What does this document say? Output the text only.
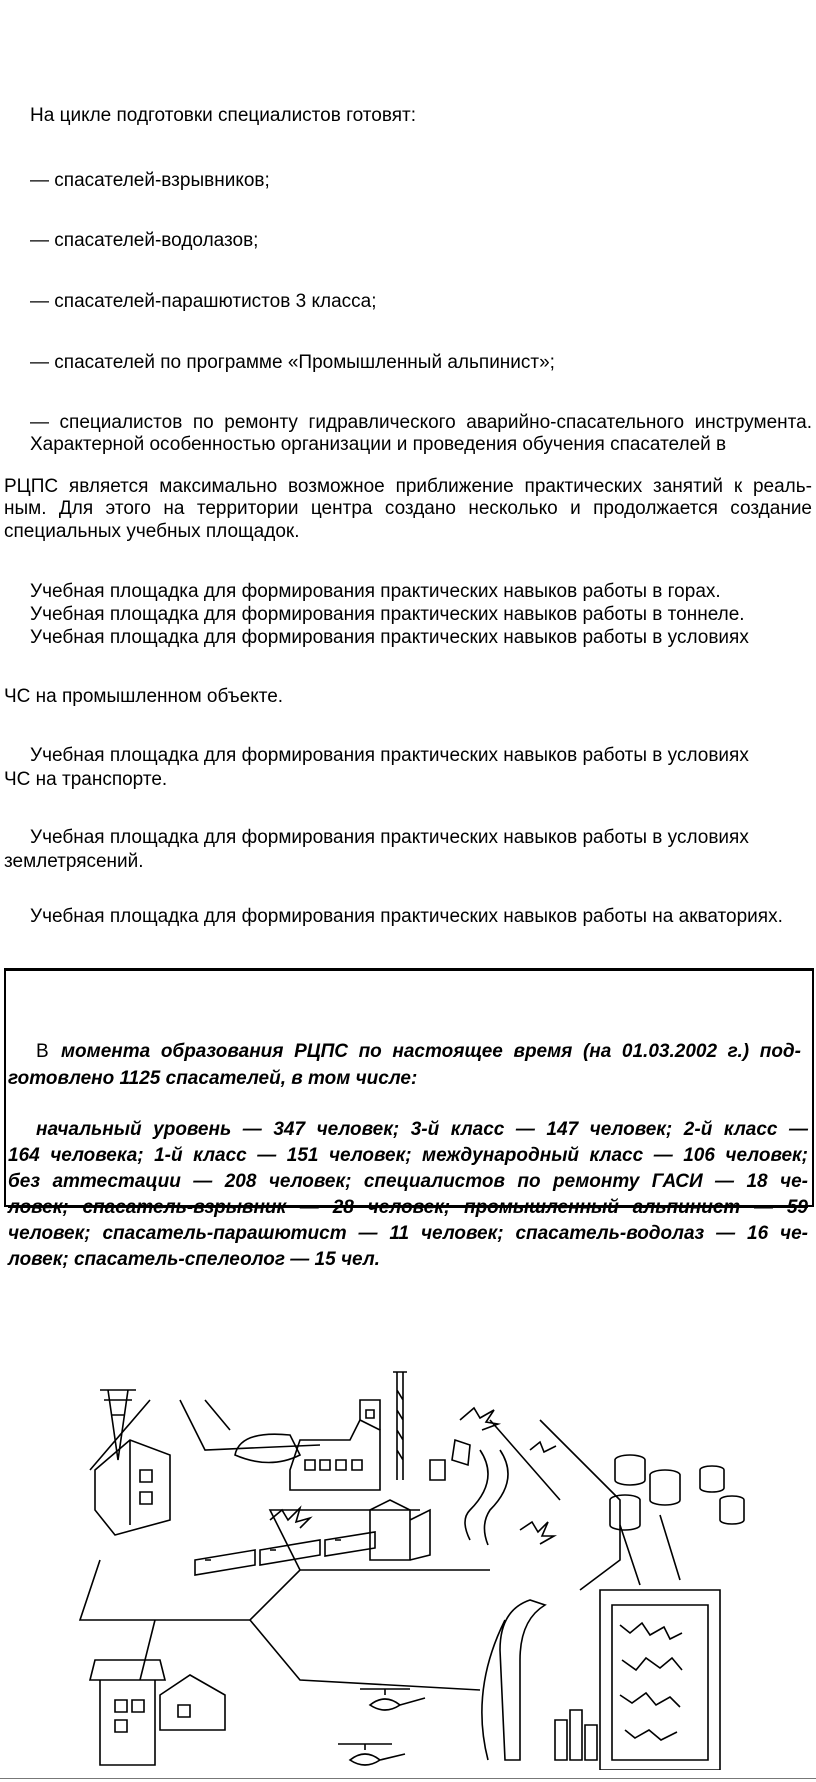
На цикле подготовки специалистов готовят:
— спасателей-взрывников;
— спасателей-водолазов;
— спасателей-парашютистов 3 класса;
— спасателей по программе «Промышленный альпинист»;
— специалистов по ремонту гидравлического аварийно-спасательного инструмента.
Характерной особенностью организации и проведения обучения спасателей в
РЦПС является максимально возможное приближение практических занятий к реаль-
ным. Для этого на территории центра создано несколько и продолжается создание
специальных учебных площадок.
Учебная площадка для формирования практических навыков работы в горах.
Учебная площадка для формирования практических навыков работы в тоннеле.
Учебная площадка для формирования практических навыков работы в условиях
ЧС на промышленном объекте.
Учебная площадка для формирования практических навыков работы в условиях
ЧС на транспорте.
Учебная площадка для формирования практических навыков работы в условиях
землетрясений.
Учебная площадка для формирования практических навыков работы на акваториях.
В момента образования РЦПС по настоящее время (на 01.03.2002 г.) под-
готовлено 1125 спасателей, в том числе:
начальный уровень — 347 человек; 3-й класс — 147 человек; 2-й класс —
164 человека; 1-й класс — 151 человек; международный класс — 106 человек;
без аттестации — 208 человек; специалистов по ремонту ГАСИ — 18 че-
ловек; спасатель-взрывник — 28 человек; промышленный альпинист — 59
человек; спасатель-парашютист — 11 человек; спасатель-водолаз — 16 че-
ловек; спасатель-спелеолог — 15 чел.
